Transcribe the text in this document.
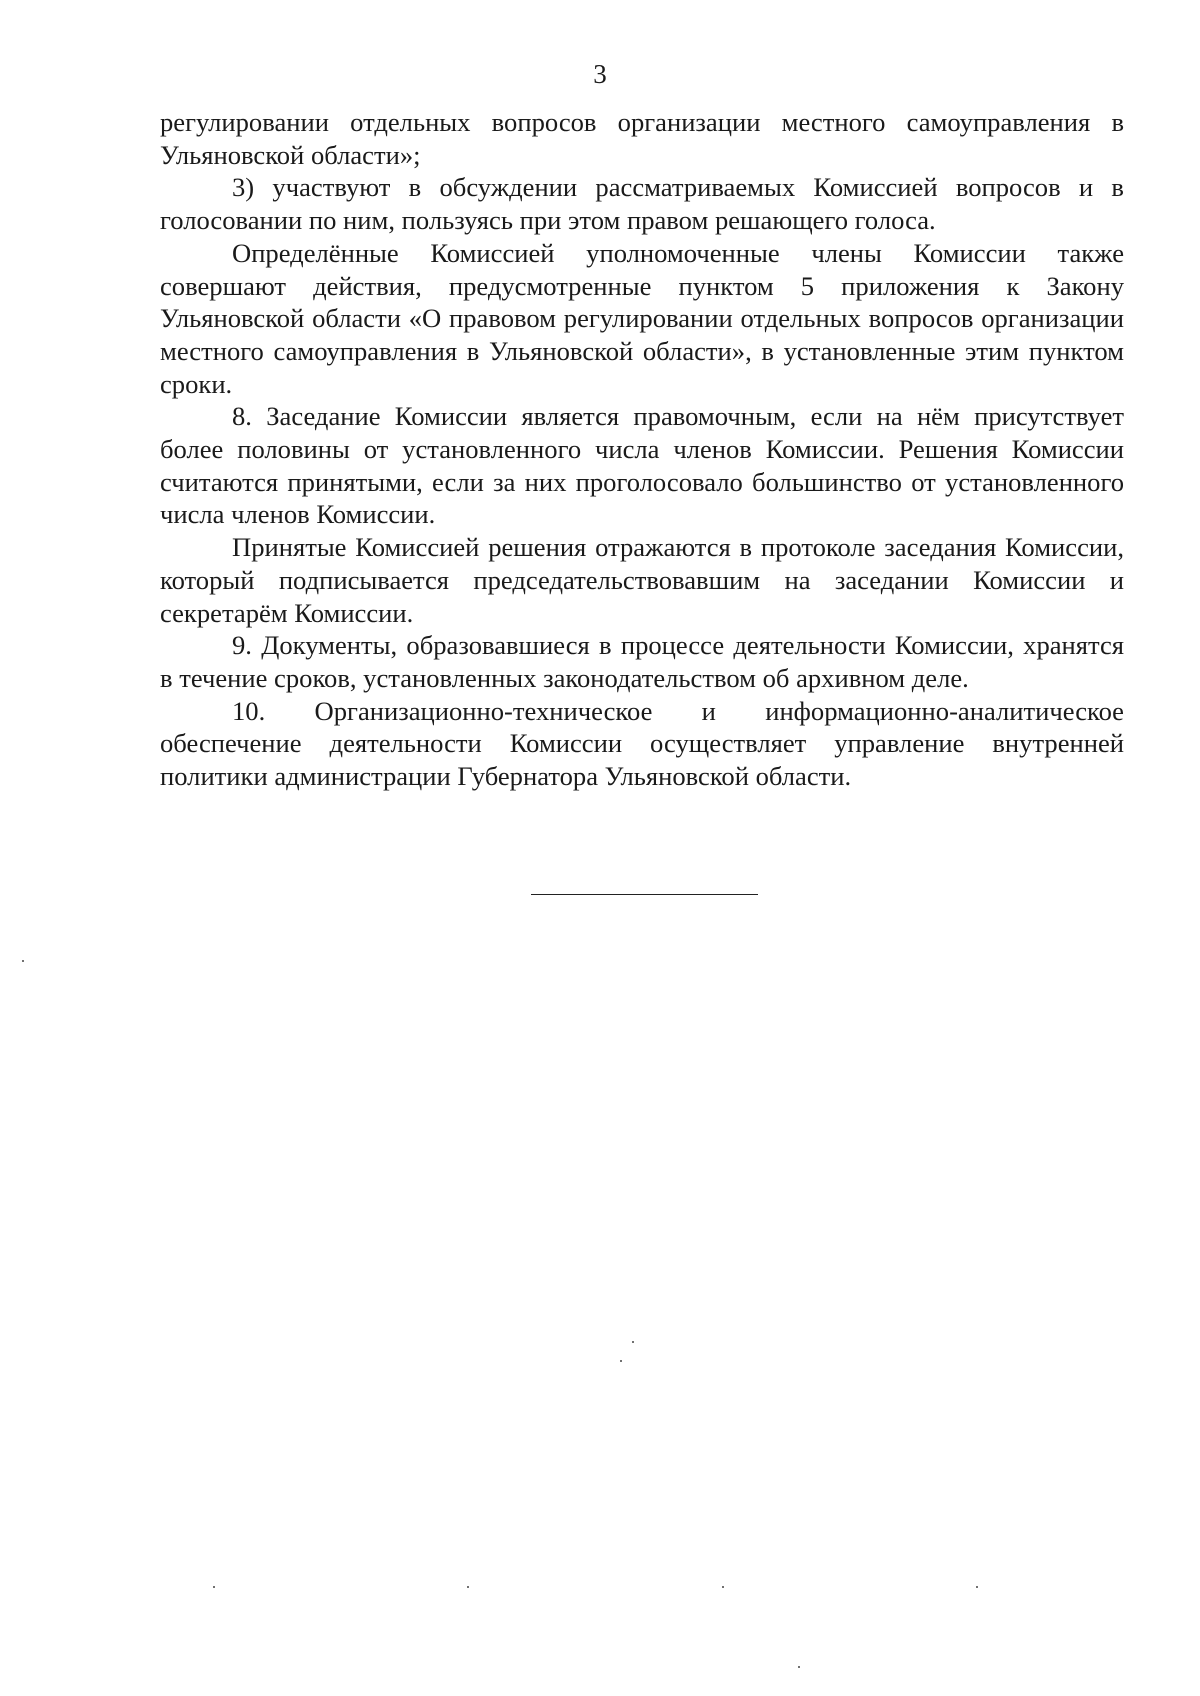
3

регулировании отдельных вопросов организации местного самоуправления в Ульяновской области»;

3) участвуют в обсуждении рассматриваемых Комиссией вопросов и в голосовании по ним, пользуясь при этом правом решающего голоса.

Определённые Комиссией уполномоченные члены Комиссии также совершают действия, предусмотренные пунктом 5 приложения к Закону Ульяновской области «О правовом регулировании отдельных вопросов организации местного самоуправления в Ульяновской области», в установленные этим пунктом сроки.

8. Заседание Комиссии является правомочным, если на нём присутствует более половины от установленного числа членов Комиссии. Решения Комиссии считаются принятыми, если за них проголосовало большинство от установленного числа членов Комиссии.

Принятые Комиссией решения отражаются в протоколе заседания Комиссии, который подписывается председательствовавшим на заседании Комиссии и секретарём Комиссии.

9. Документы, образовавшиеся в процессе деятельности Комиссии, хранятся в течение сроков, установленных законодательством об архивном деле.

10. Организационно-техническое и информационно-аналитическое обеспечение деятельности Комиссии осуществляет управление внутренней политики администрации Губернатора Ульяновской области.
